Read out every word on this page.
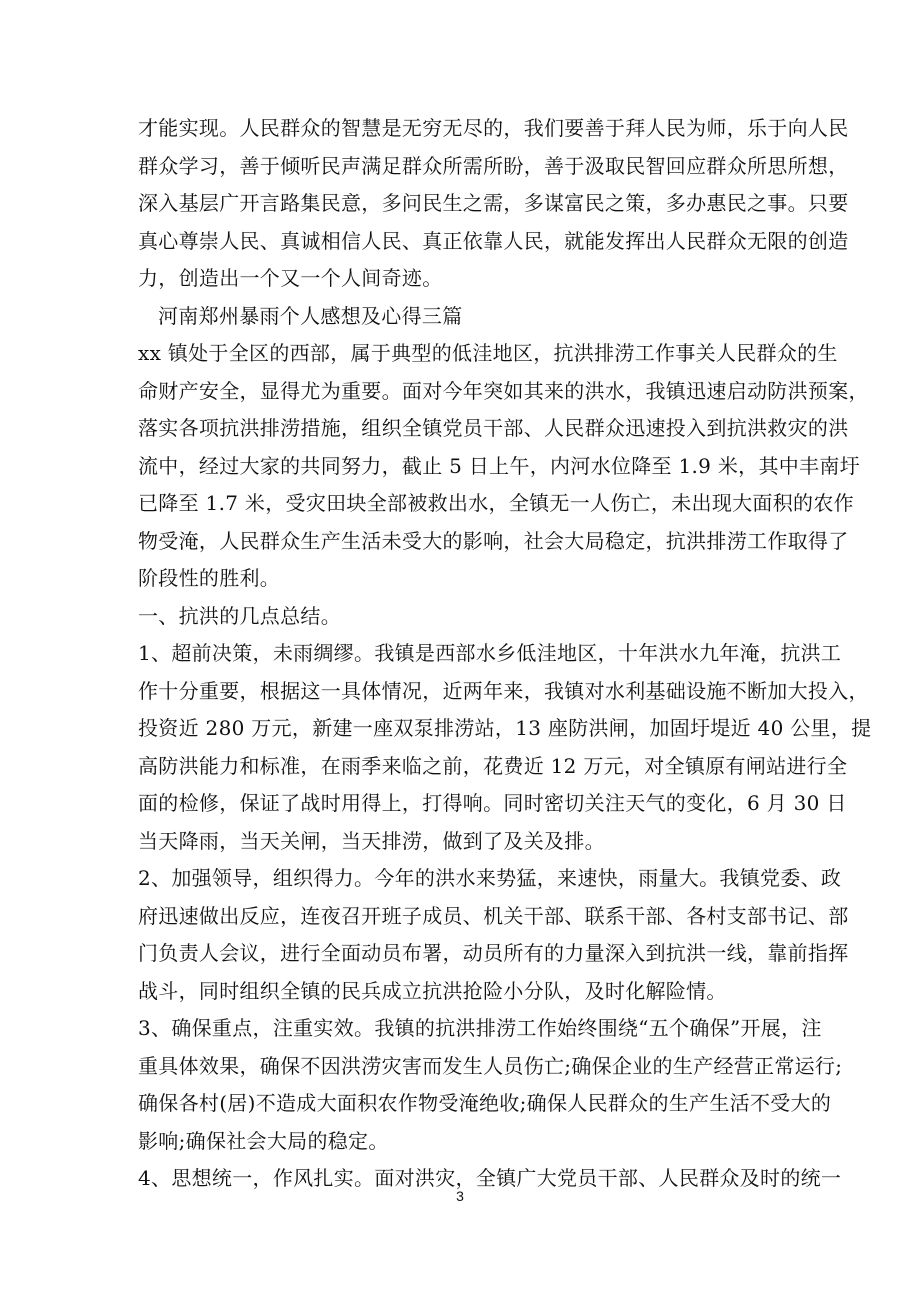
才能实现。人民群众的智慧是无穷无尽的，我们要善于拜人民为师，乐于向人民
群众学习，善于倾听民声满足群众所需所盼，善于汲取民智回应群众所思所想，
深入基层广开言路集民意，多问民生之需，多谋富民之策，多办惠民之事。只要
真心尊崇人民、真诚相信人民、真正依靠人民，就能发挥出人民群众无限的创造
力，创造出一个又一个人间奇迹。
河南郑州暴雨个人感想及心得三篇
xx 镇处于全区的西部，属于典型的低洼地区，抗洪排涝工作事关人民群众的生
命财产安全，显得尤为重要。面对今年突如其来的洪水，我镇迅速启动防洪预案，
落实各项抗洪排涝措施，组织全镇党员干部、人民群众迅速投入到抗洪救灾的洪
流中，经过大家的共同努力，截止 5 日上午，内河水位降至 1.9 米，其中丰南圩
已降至 1.7 米，受灾田块全部被救出水，全镇无一人伤亡，未出现大面积的农作
物受淹，人民群众生产生活未受大的影响，社会大局稳定，抗洪排涝工作取得了
阶段性的胜利。
一、抗洪的几点总结。
1、超前决策，未雨绸缪。我镇是西部水乡低洼地区，十年洪水九年淹，抗洪工
作十分重要，根据这一具体情况，近两年来，我镇对水利基础设施不断加大投入，
投资近 280 万元，新建一座双泵排涝站，13 座防洪闸，加固圩堤近 40 公里，提
高防洪能力和标准，在雨季来临之前，花费近 12 万元，对全镇原有闸站进行全
面的检修，保证了战时用得上，打得响。同时密切关注天气的变化，6 月 30 日
当天降雨，当天关闸，当天排涝，做到了及关及排。
2、加强领导，组织得力。今年的洪水来势猛，来速快，雨量大。我镇党委、政
府迅速做出反应，连夜召开班子成员、机关干部、联系干部、各村支部书记、部
门负责人会议，进行全面动员布署，动员所有的力量深入到抗洪一线，靠前指挥
战斗，同时组织全镇的民兵成立抗洪抢险小分队，及时化解险情。
3、确保重点，注重实效。我镇的抗洪排涝工作始终围绕“五个确保”开展，注
重具体效果，确保不因洪涝灾害而发生人员伤亡;确保企业的生产经营正常运行;
确保各村(居)不造成大面积农作物受淹绝收;确保人民群众的生产生活不受大的
影响;确保社会大局的稳定。
4、思想统一，作风扎实。面对洪灾，全镇广大党员干部、人民群众及时的统一
3
